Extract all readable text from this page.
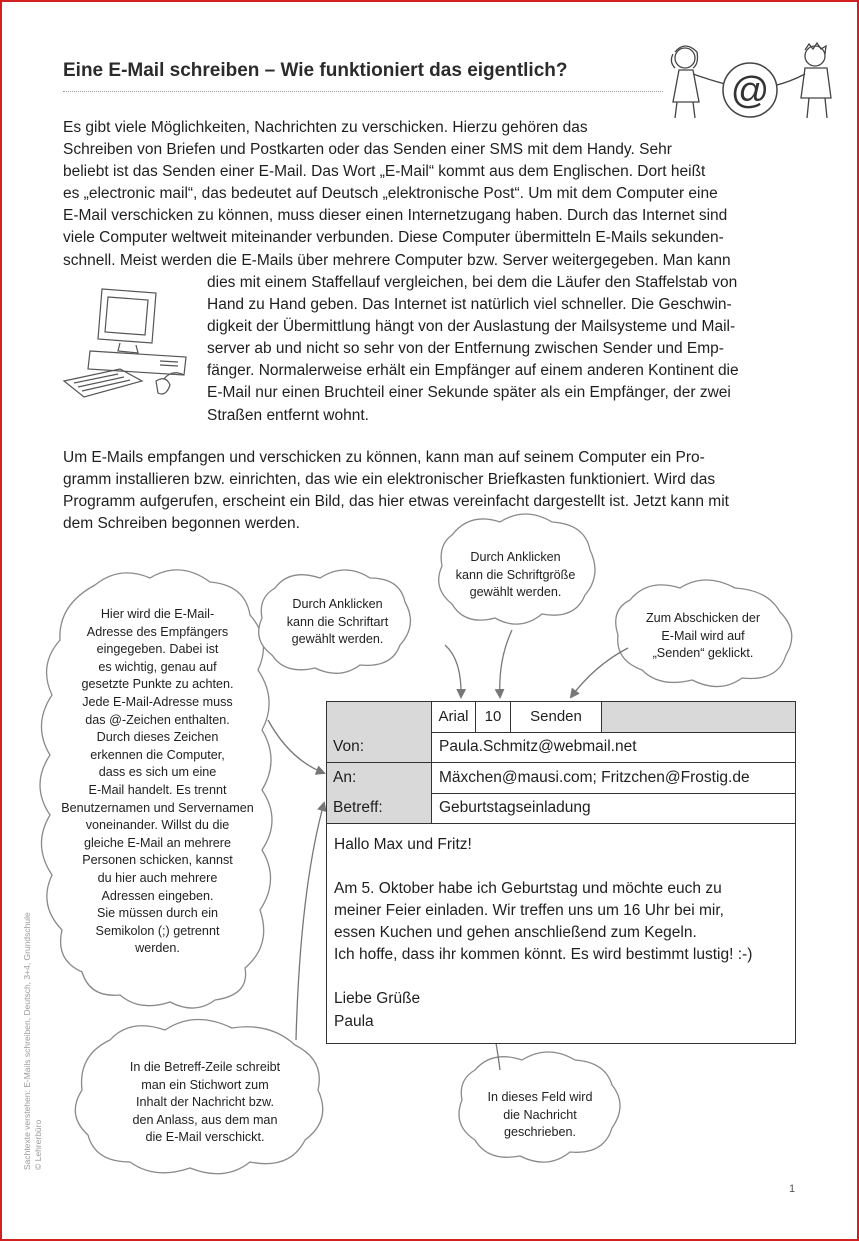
Eine E-Mail schreiben – Wie funktioniert das eigentlich?	@
Es gibt viele Möglichkeiten, Nachrichten zu verschicken. Hierzu gehören das
Schreiben von Briefen und Postkarten oder das Senden einer SMS mit dem Handy. Sehr
beliebt ist das Senden einer E-Mail. Das Wort „E-Mail“ kommt aus dem Englischen. Dort heißt
es „electronic mail“, das bedeutet auf Deutsch „elektronische Post“. Um mit dem Computer eine
E-Mail verschicken zu können, muss dieser einen Internetzugang haben. Durch das Internet sind
viele Computer weltweit miteinander verbunden. Diese Computer übermitteln E-Mails sekunden-
schnell. Meist werden die E-Mails über mehrere Computer bzw. Server weitergegeben. Man kann
dies mit einem Staffellauf vergleichen, bei dem die Läufer den Staffelstab von
Hand zu Hand geben. Das Internet ist natürlich viel schneller. Die Geschwin-
digkeit der Übermittlung hängt von der Auslastung der Mailsysteme und Mail-
server ab und nicht so sehr von der Entfernung zwischen Sender und Emp-
fänger. Normalerweise erhält ein Empfänger auf einem anderen Kontinent die
E-Mail nur einen Bruchteil einer Sekunde später als ein Empfänger, der zwei
Straßen entfernt wohnt.
Um E-Mails empfangen und verschicken zu können, kann man auf seinem Computer ein Pro-
gramm installieren bzw. einrichten, das wie ein elektronischer Briefkasten funktioniert. Wird das
Programm aufgerufen, erscheint ein Bild, das hier etwas vereinfacht dargestellt ist. Jetzt kann mit
dem Schreiben begonnen werden.
Hier wird die E-Mail-
Adresse des Empfängers
eingegeben. Dabei ist
es wichtig, genau auf
gesetzte Punkte zu achten.
Jede E-Mail-Adresse muss
das @-Zeichen enthalten.
Durch dieses Zeichen
erkennen die Computer,
dass es sich um eine
E-Mail handelt. Es trennt
Benutzernamen und Servernamen
voneinander. Willst du die
gleiche E-Mail an mehrere
Personen schicken, kannst
du hier auch mehrere
Adressen eingeben.
Sie müssen durch ein
Semikolon (;) getrennt
werden.
Durch Anklicken
kann die Schriftart
gewählt werden.
Durch Anklicken
kann die Schriftgröße
gewählt werden.
Zum Abschicken der
E-Mail wird auf
„Senden“ geklickt.
In die Betreff-Zeile schreibt
man ein Stichwort zum
Inhalt der Nachricht bzw.
den Anlass, aus dem man
die E-Mail verschickt.
In dieses Feld wird
die Nachricht
geschrieben.
Arial	10	Senden
Von:	Paula.Schmitz@webmail.net
An:	Mäxchen@mausi.com; Fritzchen@Frostig.de
Betreff:	Geburtstagseinladung
Hallo Max und Fritz!
Am 5. Oktober habe ich Geburtstag und möchte euch zu
meiner Feier einladen. Wir treffen uns um 16 Uhr bei mir,
essen Kuchen und gehen anschließend zum Kegeln.
Ich hoffe, dass ihr kommen könnt. Es wird bestimmt lustig! :-)
Liebe Grüße
Paula
Sachtexte verstehen: E-Mails schreiben, Deutsch, 3+4, Grundschule © Lehrerbüro
1
